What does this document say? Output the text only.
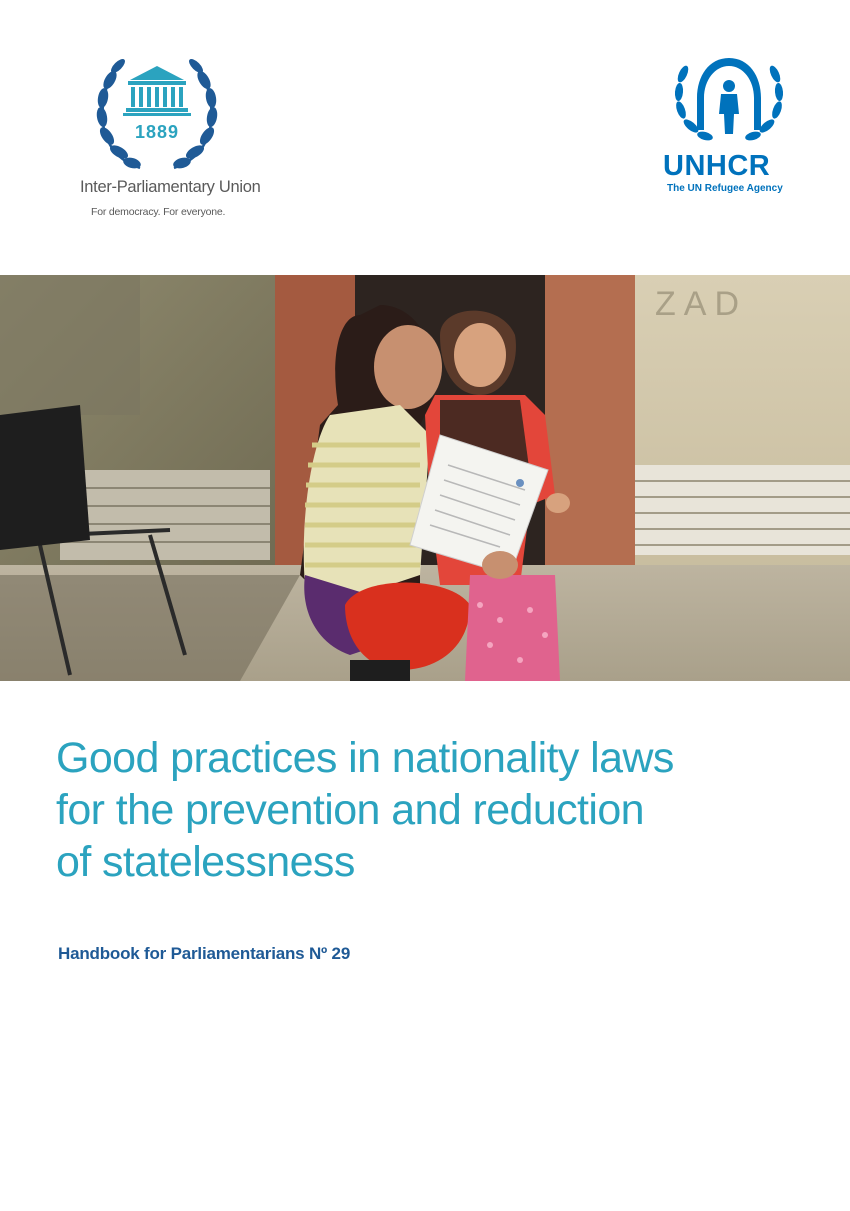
1889
Inter-Parliamentary Union
For democracy. For everyone.
UNHCR
The UN Refugee Agency
ZAD
Good practices in nationality laws
for the prevention and reduction
of statelessness
Handbook for Parliamentarians Nº 29
